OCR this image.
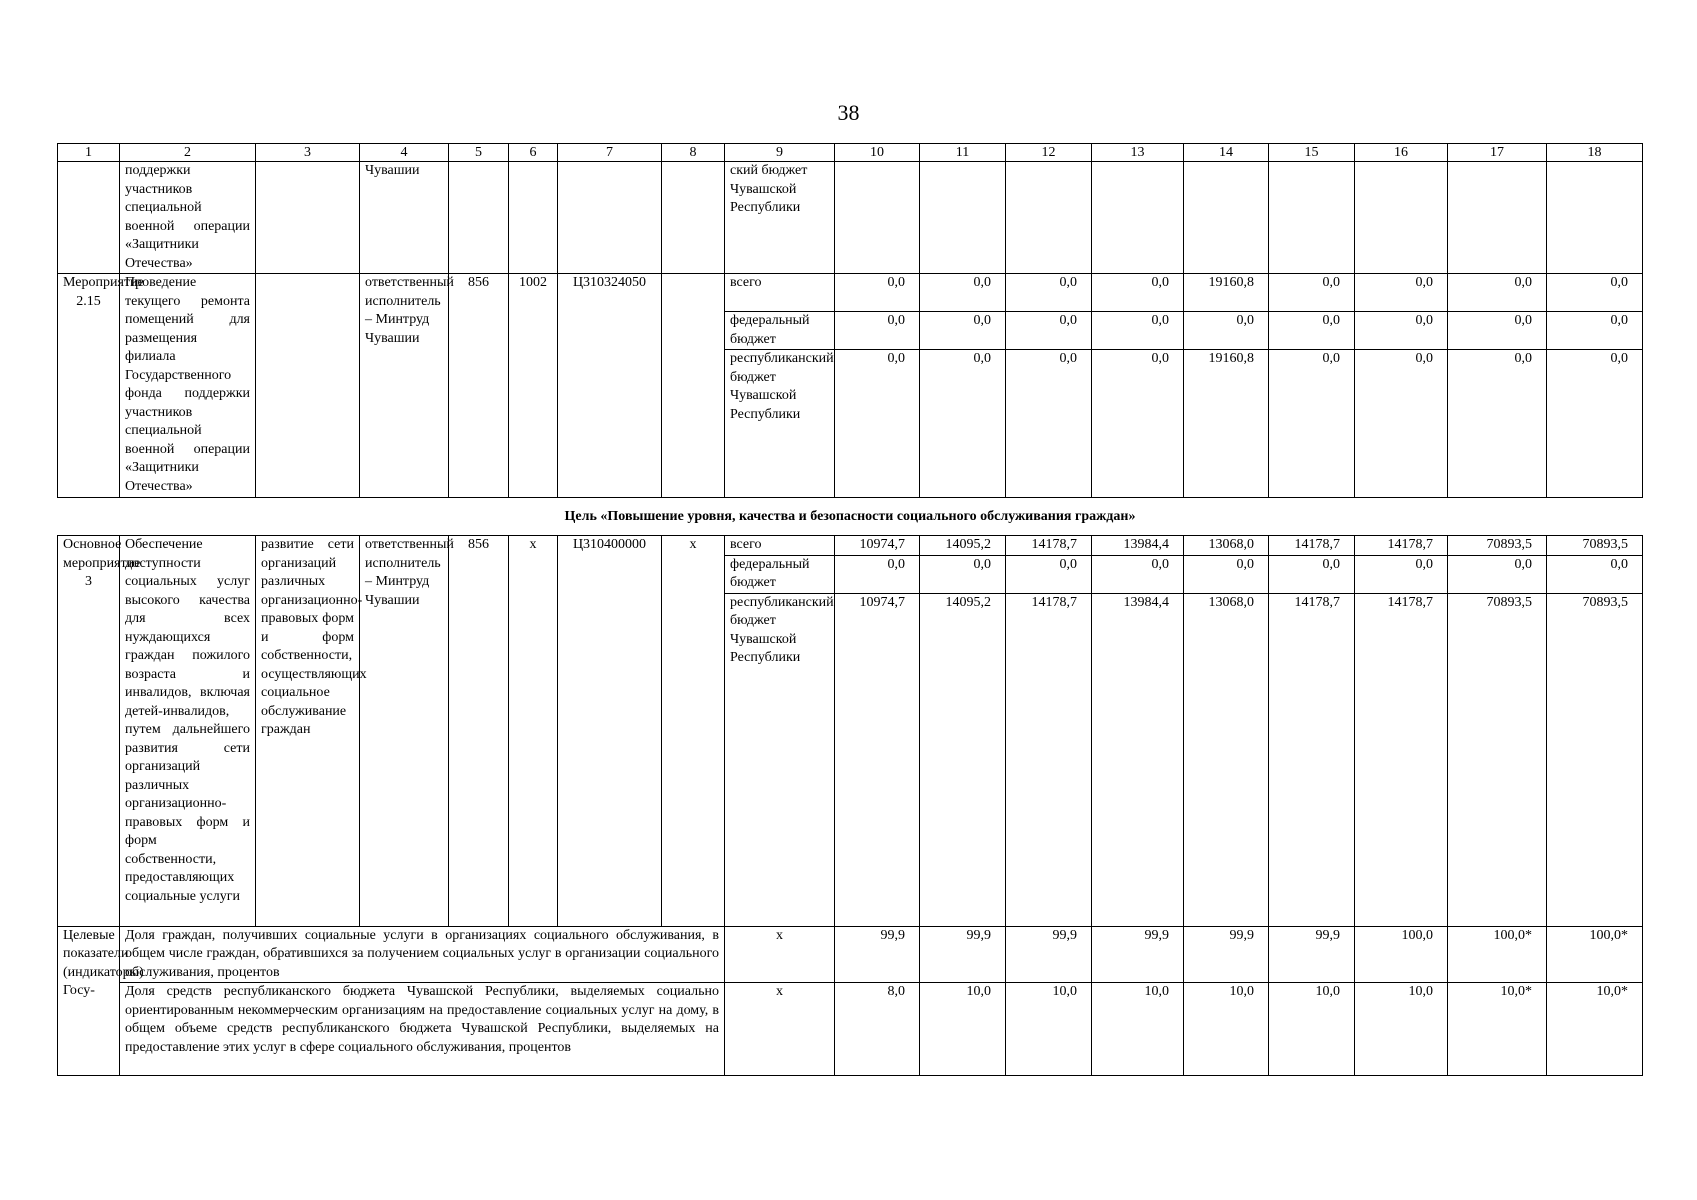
38
1	2	3	4	5	6	7	8	9	10	11	12	13	14	15	16	17	18
	поддержки участников специальной военной операции «Защитники Отечества»		Чувашии					ский бюджет Чувашской Республики									
Мероприятие 2.15	Проведение текущего ремонта помещений для размещения филиала Государственного фонда поддержки участников специальной военной операции «Защитники Отечества»		ответственный исполнитель – Минтруд Чувашии	856	1002	Ц310324050		всего	0,0	0,0	0,0	0,0	19160,8	0,0	0,0	0,0	0,0
								федеральный бюджет	0,0	0,0	0,0	0,0	0,0	0,0	0,0	0,0	0,0
								республиканский бюджет Чувашской Республики	0,0	0,0	0,0	0,0	19160,8	0,0	0,0	0,0	0,0
Цель «Повышение уровня, качества и безопасности социального обслуживания граждан»																	
Основное мероприятие 3	Обеспечение доступности социальных услуг высокого качества для всех нуждающихся граждан пожилого возраста и инвалидов, включая детей-инвалидов, путем дальнейшего развития сети организаций различных организационно-правовых форм и форм собственности, предоставляющих социальные услуги	развитие сети организаций различных организационно-правовых форм и форм собственности, осуществляющих социальное обслуживание граждан	ответственный исполнитель – Минтруд Чувашии	856	х	Ц310400000	х	всего	10974,7	14095,2	14178,7	13984,4	13068,0	14178,7	14178,7	70893,5	70893,5
								федеральный бюджет	0,0	0,0	0,0	0,0	0,0	0,0	0,0	0,0	0,0
								республиканский бюджет Чувашской Республики	10974,7	14095,2	14178,7	13984,4	13068,0	14178,7	14178,7	70893,5	70893,5
Целевые показатели (индикаторы) Госу-	Доля граждан, получивших социальные услуги в организациях социального обслуживания, в общем числе граждан, обратившихся за получением социальных услуг в организации социального обслуживания, процентов							х	99,9	99,9	99,9	99,9	99,9	99,9	100,0	100,0*	100,0*
	Доля средств республиканского бюджета Чувашской Республики, выделяемых социально ориентированным некоммерческим организациям на предоставление социальных услуг на дому, в общем объеме средств республиканского бюджета Чувашской Республики, выделяемых на предоставление этих услуг в сфере социального обслуживания, процентов							х	8,0	10,0	10,0	10,0	10,0	10,0	10,0	10,0*	10,0*
